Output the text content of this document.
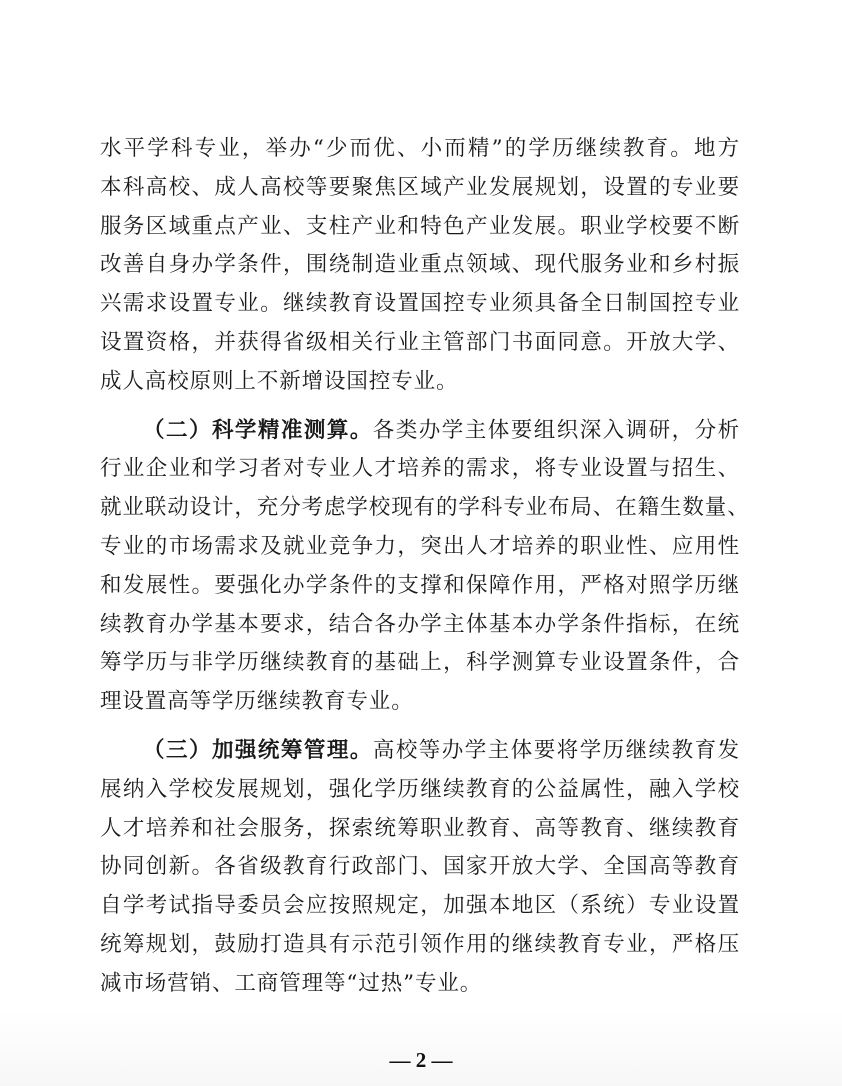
水平学科专业，举办“少而优、小而精”的学历继续教育。地方
本科高校、成人高校等要聚焦区域产业发展规划，设置的专业要
服务区域重点产业、支柱产业和特色产业发展。职业学校要不断
改善自身办学条件，围绕制造业重点领域、现代服务业和乡村振
兴需求设置专业。继续教育设置国控专业须具备全日制国控专业
设置资格，并获得省级相关行业主管部门书面同意。开放大学、
成人高校原则上不新增设国控专业。
（二）科学精准测算。各类办学主体要组织深入调研，分析
行业企业和学习者对专业人才培养的需求，将专业设置与招生、
就业联动设计，充分考虑学校现有的学科专业布局、在籍生数量、
专业的市场需求及就业竞争力，突出人才培养的职业性、应用性
和发展性。要强化办学条件的支撑和保障作用，严格对照学历继
续教育办学基本要求，结合各办学主体基本办学条件指标，在统
筹学历与非学历继续教育的基础上，科学测算专业设置条件，合
理设置高等学历继续教育专业。
（三）加强统筹管理。高校等办学主体要将学历继续教育发
展纳入学校发展规划，强化学历继续教育的公益属性，融入学校
人才培养和社会服务，探索统筹职业教育、高等教育、继续教育
协同创新。各省级教育行政部门、国家开放大学、全国高等教育
自学考试指导委员会应按照规定，加强本地区（系统）专业设置
统筹规划，鼓励打造具有示范引领作用的继续教育专业，严格压
减市场营销、工商管理等“过热”专业。
— 2 —
